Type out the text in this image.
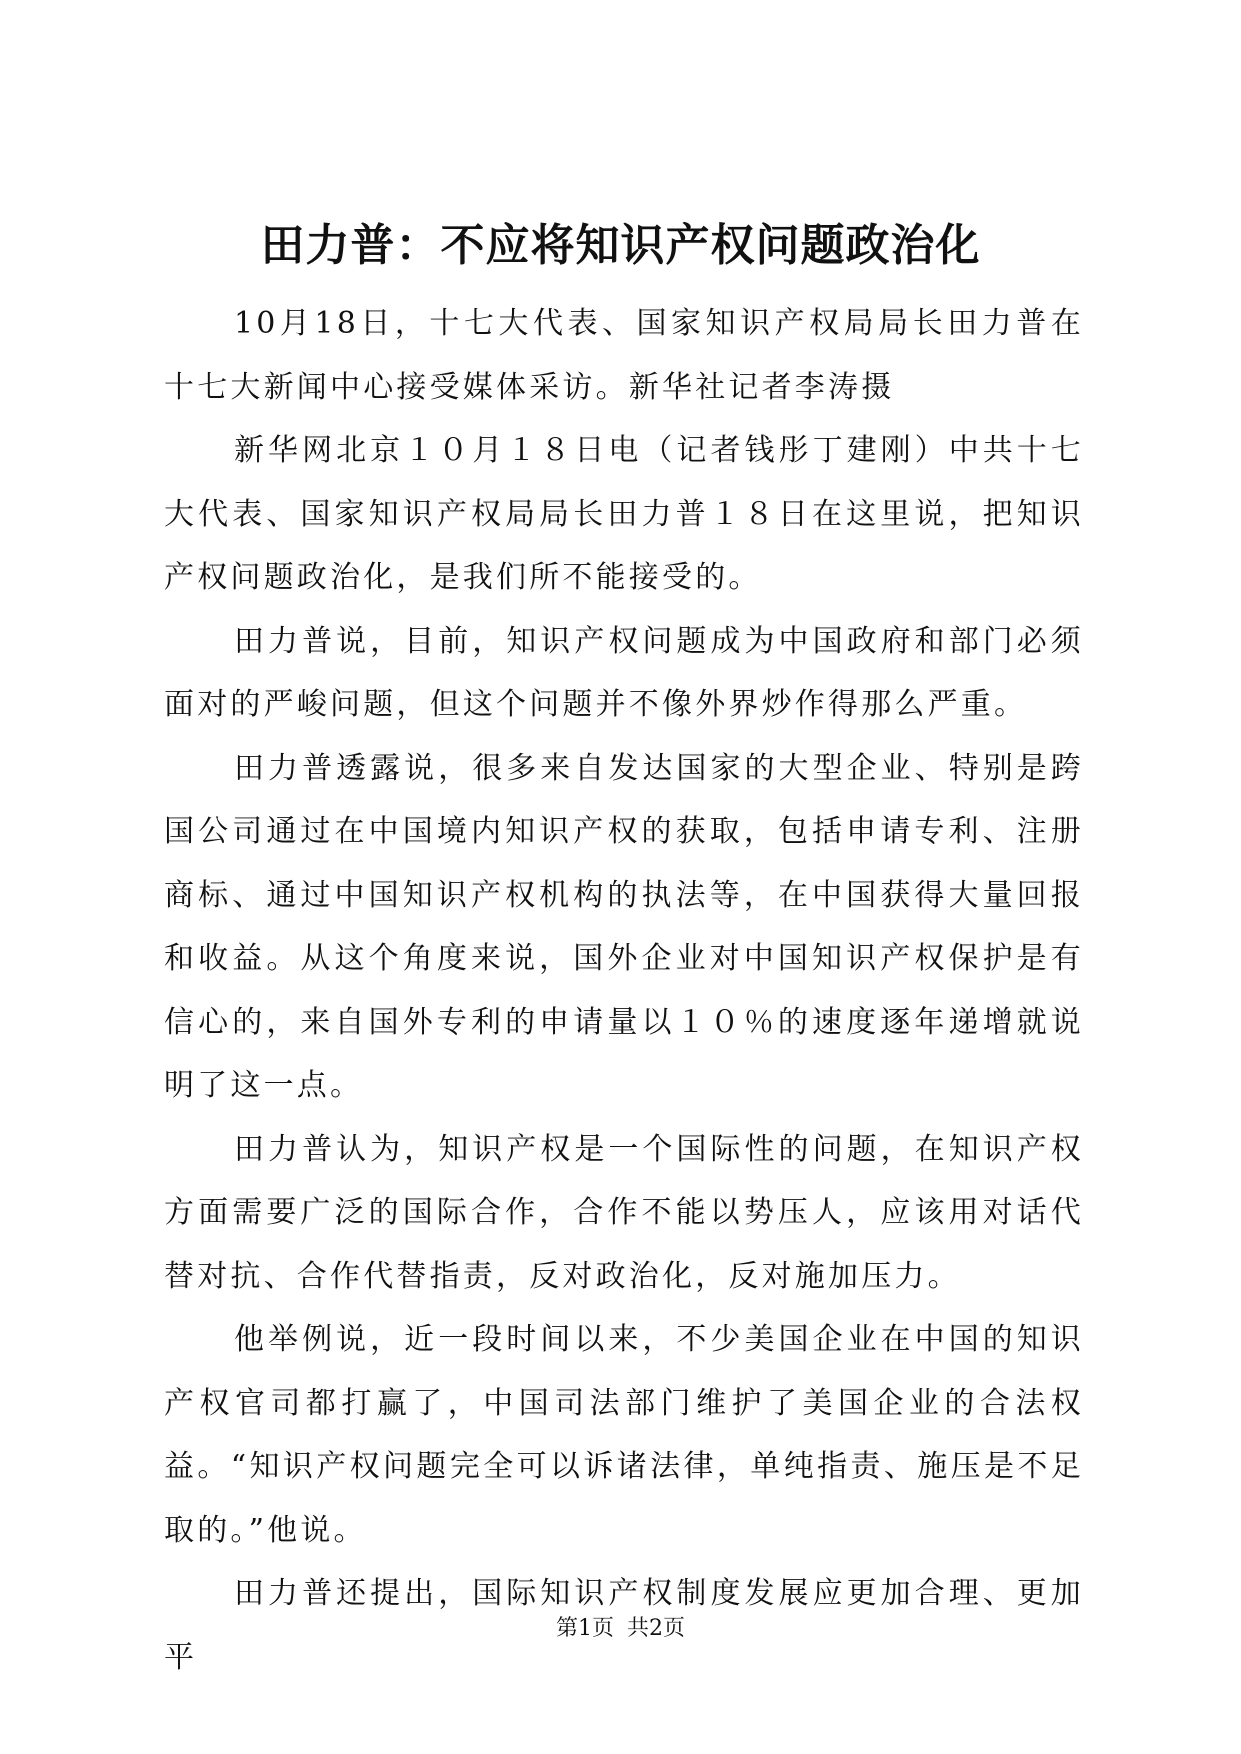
田力普：不应将知识产权问题政治化

10月18日，十七大代表、国家知识产权局局长田力普在十七大新闻中心接受媒体采访。新华社记者李涛摄

新华网北京１０月１８日电（记者钱彤丁建刚）中共十七大代表、国家知识产权局局长田力普１８日在这里说，把知识产权问题政治化，是我们所不能接受的。

田力普说，目前，知识产权问题成为中国政府和部门必须面对的严峻问题，但这个问题并不像外界炒作得那么严重。

田力普透露说，很多来自发达国家的大型企业、特别是跨国公司通过在中国境内知识产权的获取，包括申请专利、注册商标、通过中国知识产权机构的执法等，在中国获得大量回报和收益。从这个角度来说，国外企业对中国知识产权保护是有信心的，来自国外专利的申请量以１０％的速度逐年递增就说明了这一点。

田力普认为，知识产权是一个国际性的问题，在知识产权方面需要广泛的国际合作，合作不能以势压人，应该用对话代替对抗、合作代替指责，反对政治化，反对施加压力。

他举例说，近一段时间以来，不少美国企业在中国的知识产权官司都打赢了，中国司法部门维护了美国企业的合法权益。“知识产权问题完全可以诉诸法律，单纯指责、施压是不足取的。”他说。

田力普还提出，国际知识产权制度发展应更加合理、更加平

第1页 共2页
